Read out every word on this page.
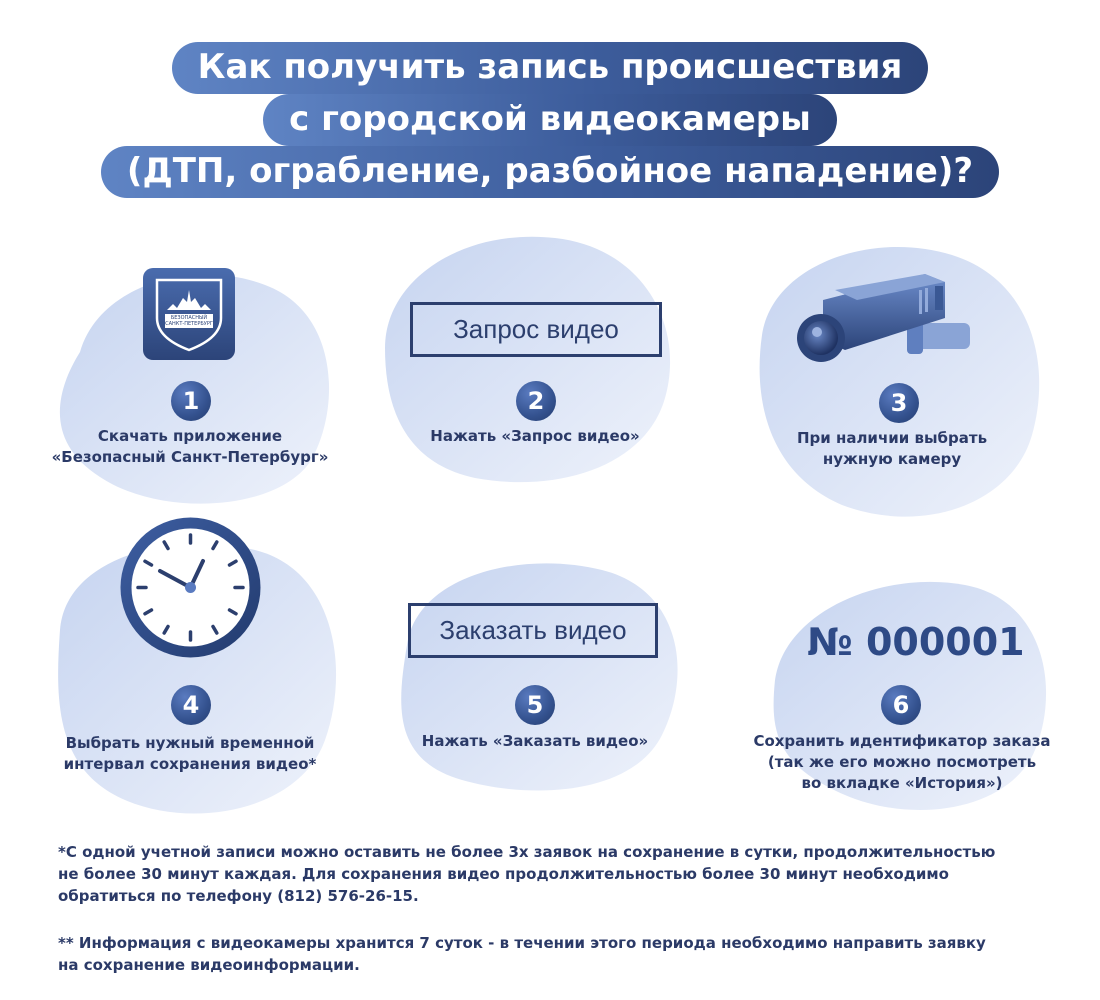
Как получить запись происшествия
с городской видеокамеры
(ДТП, ограбление, разбойное нападение)?
БЕЗОПАСНЫЙ
САНКТ-ПЕТЕРБУРГ
1
Скачать приложение
«Безопасный Санкт-Петербург»
Запрос видео
2
Нажать «Запрос видео»
3
При наличии выбрать
нужную камеру
4
Выбрать нужный временной
интервал сохранения видео*
Заказать видео
5
Нажать «Заказать видео»
№ 000001
6
Сохранить идентификатор заказа
(так же его можно посмотреть
во вкладке «История»)
*С одной учетной записи можно оставить не более 3х заявок на сохранение в сутки, продолжительностью
не более 30 минут каждая. Для сохранения видео продолжительностью более 30 минут необходимо
обратиться по телефону (812) 576-26-15.
** Информация с видеокамеры хранится 7 суток - в течении этого периода необходимо направить заявку
на сохранение видеоинформации.
